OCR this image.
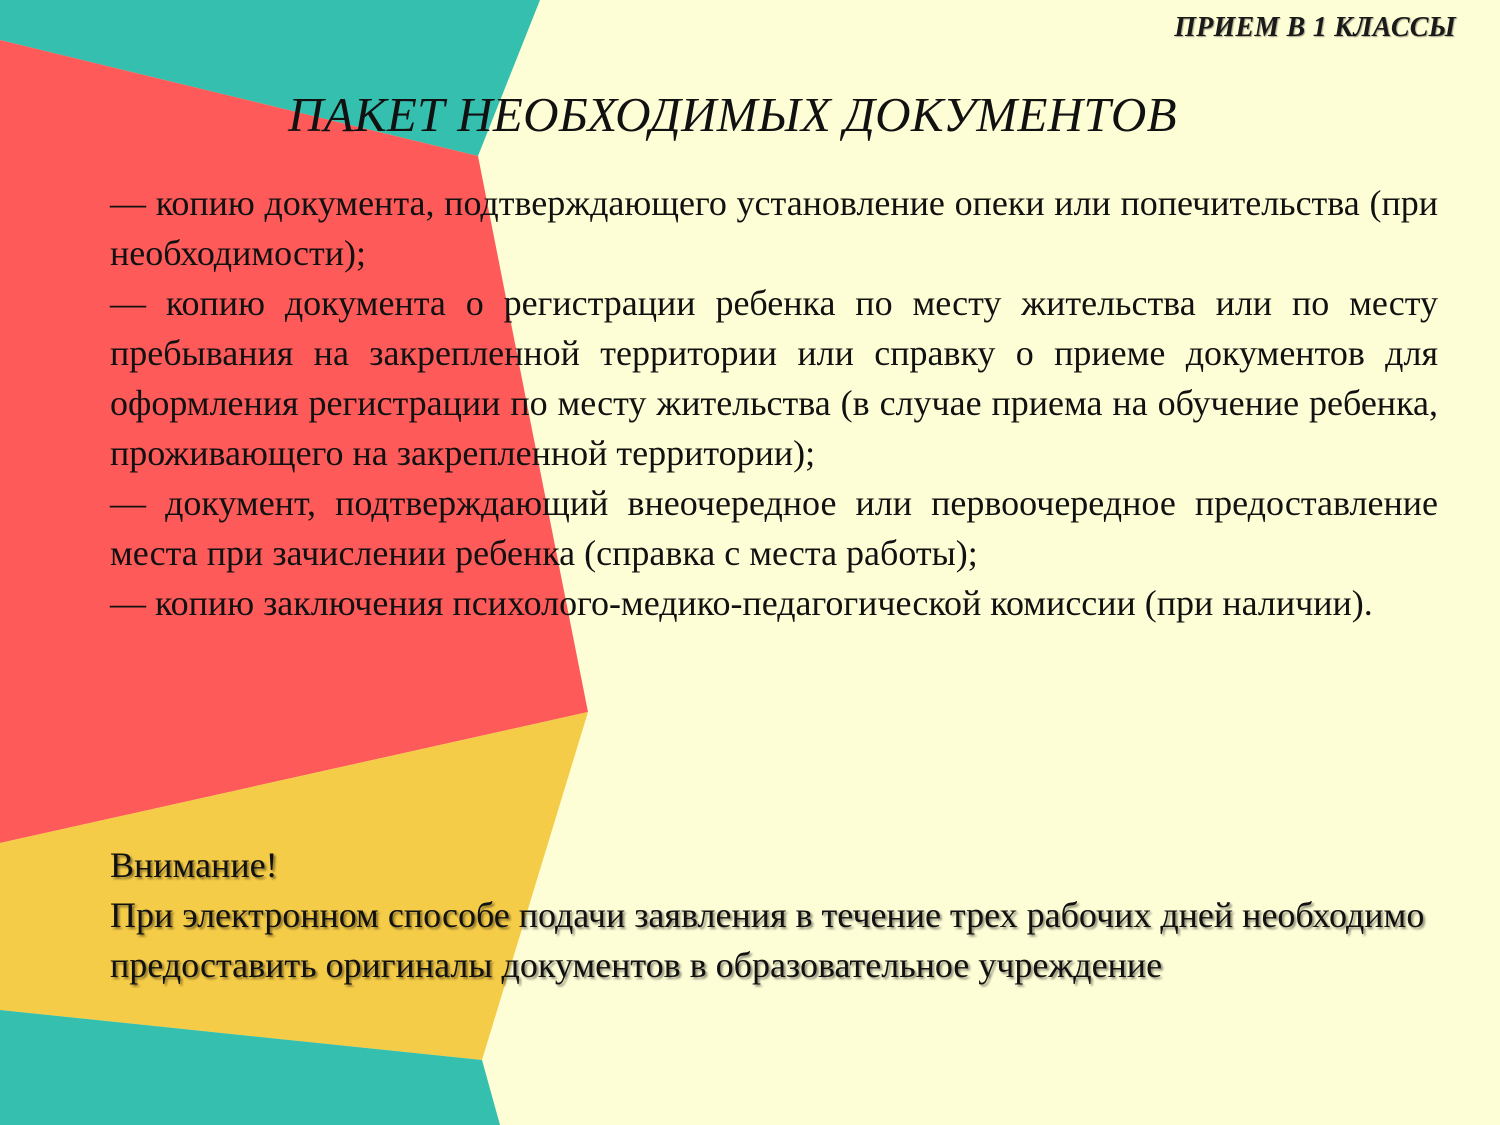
ПРИЕМ В 1 КЛАССЫ
ПАКЕТ НЕОБХОДИМЫХ ДОКУМЕНТОВ

— копию документа, подтверждающего установление опеки или попечительства (при необходимости);

— копию документа о регистрации ребенка по месту жительства или по месту пребывания на закрепленной территории или справку о приеме документов для оформления регистрации по месту жительства (в случае приема на обучение ребенка, проживающего на закрепленной территории);

— документ, подтверждающий внеочередное или первоочередное предоставление места при зачислении ребенка (справка с места работы);

— копию заключения психолого-медико-педагогической комиссии (при наличии).

Внимание!

При электронном способе подачи заявления в течение трех рабочих дней необходимо предоставить оригиналы документов в образовательное учреждение
